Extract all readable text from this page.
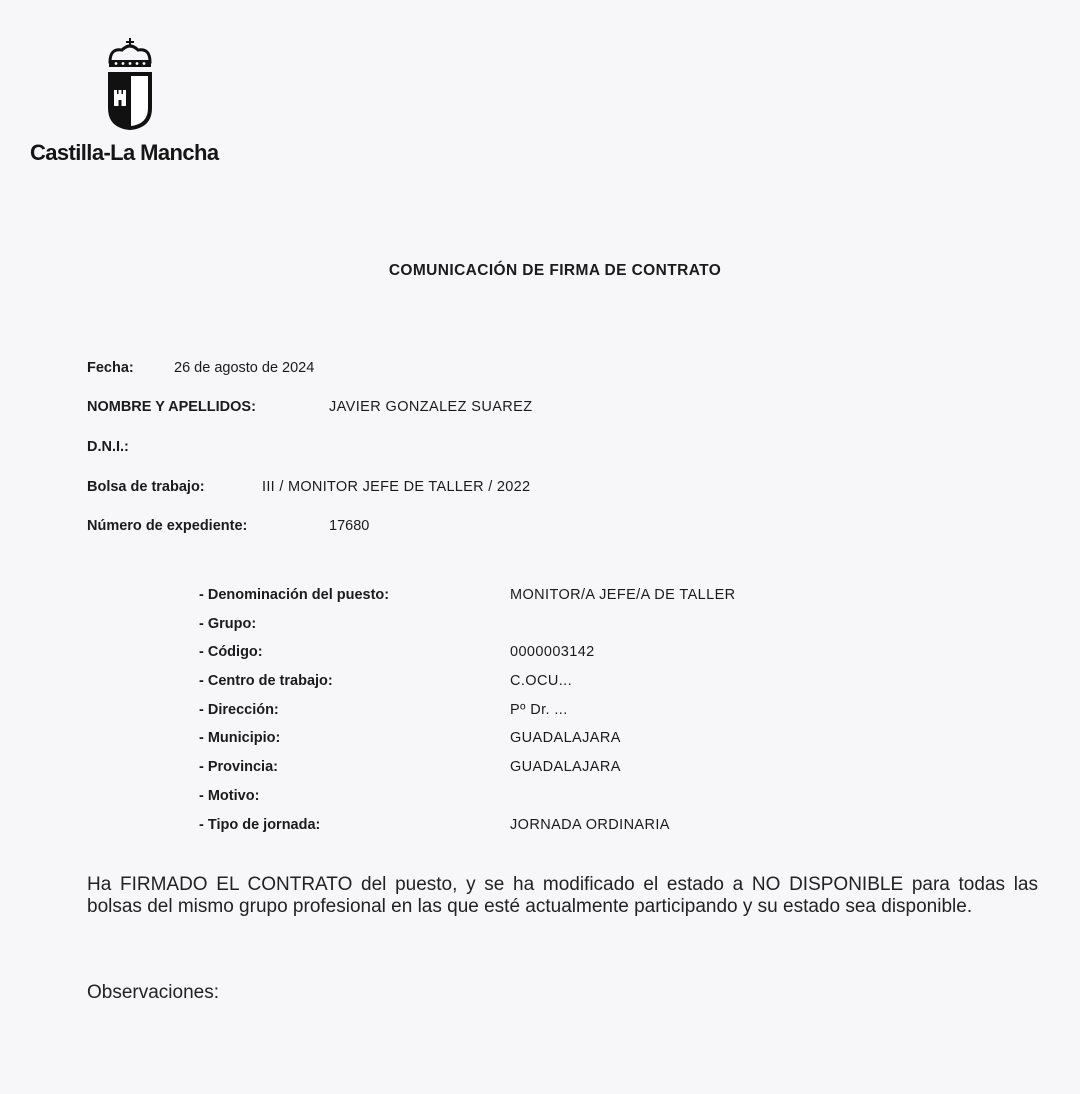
Castilla-La Mancha
COMUNICACIÓN DE FIRMA DE CONTRATO
Fecha:	26 de agosto de 2024
NOMBRE Y APELLIDOS:	JAVIER GONZALEZ SUAREZ
D.N.I.:
Bolsa de trabajo:	III / MONITOR JEFE DE TALLER / 2022
Número de expediente:	17680
- Denominación del puesto:	MONITOR/A JEFE/A DE TALLER
- Grupo:
- Código:	0000003142
- Centro de trabajo:	C.OCU...
- Dirección:	Pº Dr. ...
- Municipio:	GUADALAJARA
- Provincia:	GUADALAJARA
- Motivo:
- Tipo de jornada:	JORNADA ORDINARIA
Ha FIRMADO EL CONTRATO del puesto, y se ha modificado el estado a NO DISPONIBLE para todas las bolsas del mismo grupo profesional en las que esté actualmente participando y su estado sea disponible.
Observaciones:
